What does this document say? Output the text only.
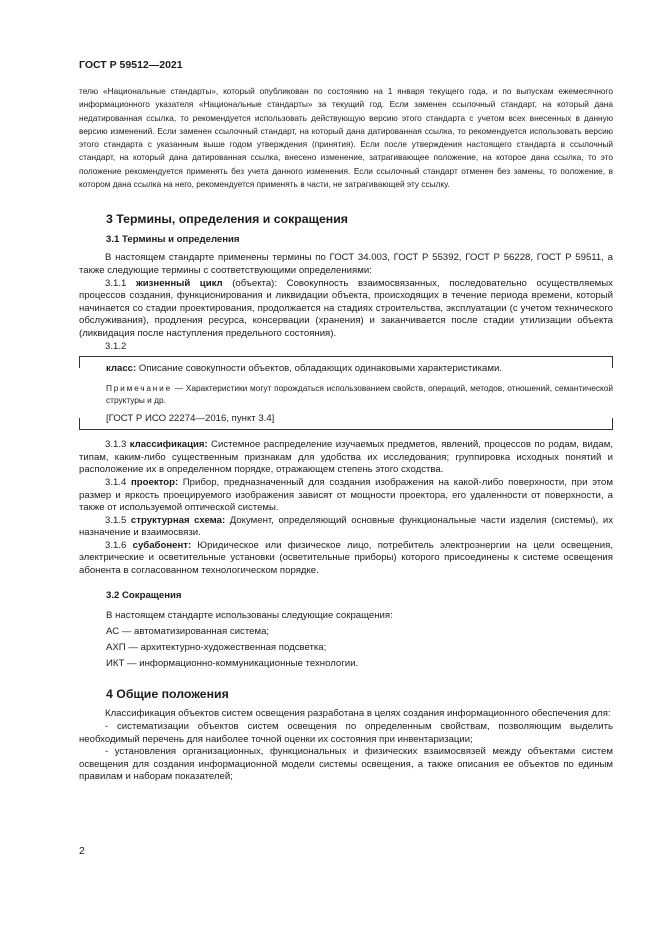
ГОСТ Р 59512—2021

телю «Национальные стандарты», который опубликован по состоянию на 1 января текущего года, и по выпускам ежемесячного информационного указателя «Национальные стандарты» за текущий год. Если заменен ссылочный стандарт, на который дана недатированная ссылка, то рекомендуется использовать действующую версию этого стандарта с учетом всех внесенных в данную версию изменений. Если заменен ссылочный стандарт, на который дана датированная ссылка, то рекомендуется использовать версию этого стандарта с указанным выше годом утверждения (принятия). Если после утверждения настоящего стандарта в ссылочный стандарт, на который дана датированная ссылка, внесено изменение, затрагивающее положение, на которое дана ссылка, то это положение рекомендуется применять без учета данного изменения. Если ссылочный стандарт отменен без замены, то положение, в котором дана ссылка на него, рекомендуется применять в части, не затрагивающей эту ссылку.

3 Термины, определения и сокращения
3.1 Термины и определения

В настоящем стандарте применены термины по ГОСТ 34.003, ГОСТ Р 55392, ГОСТ Р 56228, ГОСТ Р 59511, а также следующие термины с соответствующими определениями:

3.1.1 жизненный цикл (объекта): Совокупность взаимосвязанных, последовательно осуществляемых процессов создания, функционирования и ликвидации объекта, происходящих в течение периода времени, который начинается со стадии проектирования, продолжается на стадиях строительства, эксплуатации (с учетом технического обслуживания), продления ресурса, консервации (хранения) и заканчивается после стадии утилизации объекта (ликвидация после наступления предельного состояния).

3.1.2

класс: Описание совокупности объектов, обладающих одинаковыми характеристиками.

Примечание — Характеристики могут порождаться использованием свойств, операций, методов, отношений, семантической структуры и др.

[ГОСТ Р ИСО 22274—2016, пункт 3.4]

3.1.3 классификация: Системное распределение изучаемых предметов, явлений, процессов по родам, видам, типам, каким-либо существенным признакам для удобства их исследования; группировка исходных понятий и расположение их в определенном порядке, отражающем степень этого сходства.

3.1.4 проектор: Прибор, предназначенный для создания изображения на какой-либо поверхности, при этом размер и яркость проецируемого изображения зависят от мощности проектора, его удаленности от поверхности, а также от используемой оптической системы.

3.1.5 структурная схема: Документ, определяющий основные функциональные части изделия (системы), их назначение и взаимосвязи.

3.1.6 субабонент: Юридическое или физическое лицо, потребитель электроэнергии на цели освещения, электрические и осветительные установки (осветительные приборы) которого присоединены к системе освещения абонента в согласованном технологическом порядке.

3.2 Сокращения

В настоящем стандарте использованы следующие сокращения:

АС — автоматизированная система;

АХП — архитектурно-художественная подсветка;

ИКТ — информационно-коммуникационные технологии.

4 Общие положения

Классификация объектов систем освещения разработана в целях создания информационного обеспечения для:

- систематизации объектов систем освещения по определенным свойствам, позволяющим выделить необходимый перечень для наиболее точной оценки их состояния при инвентаризации;

- установления организационных, функциональных и физических взаимосвязей между объектами систем освещения для создания информационной модели системы освещения, а также описания ее объектов по единым правилам и наборам показателей;

2
